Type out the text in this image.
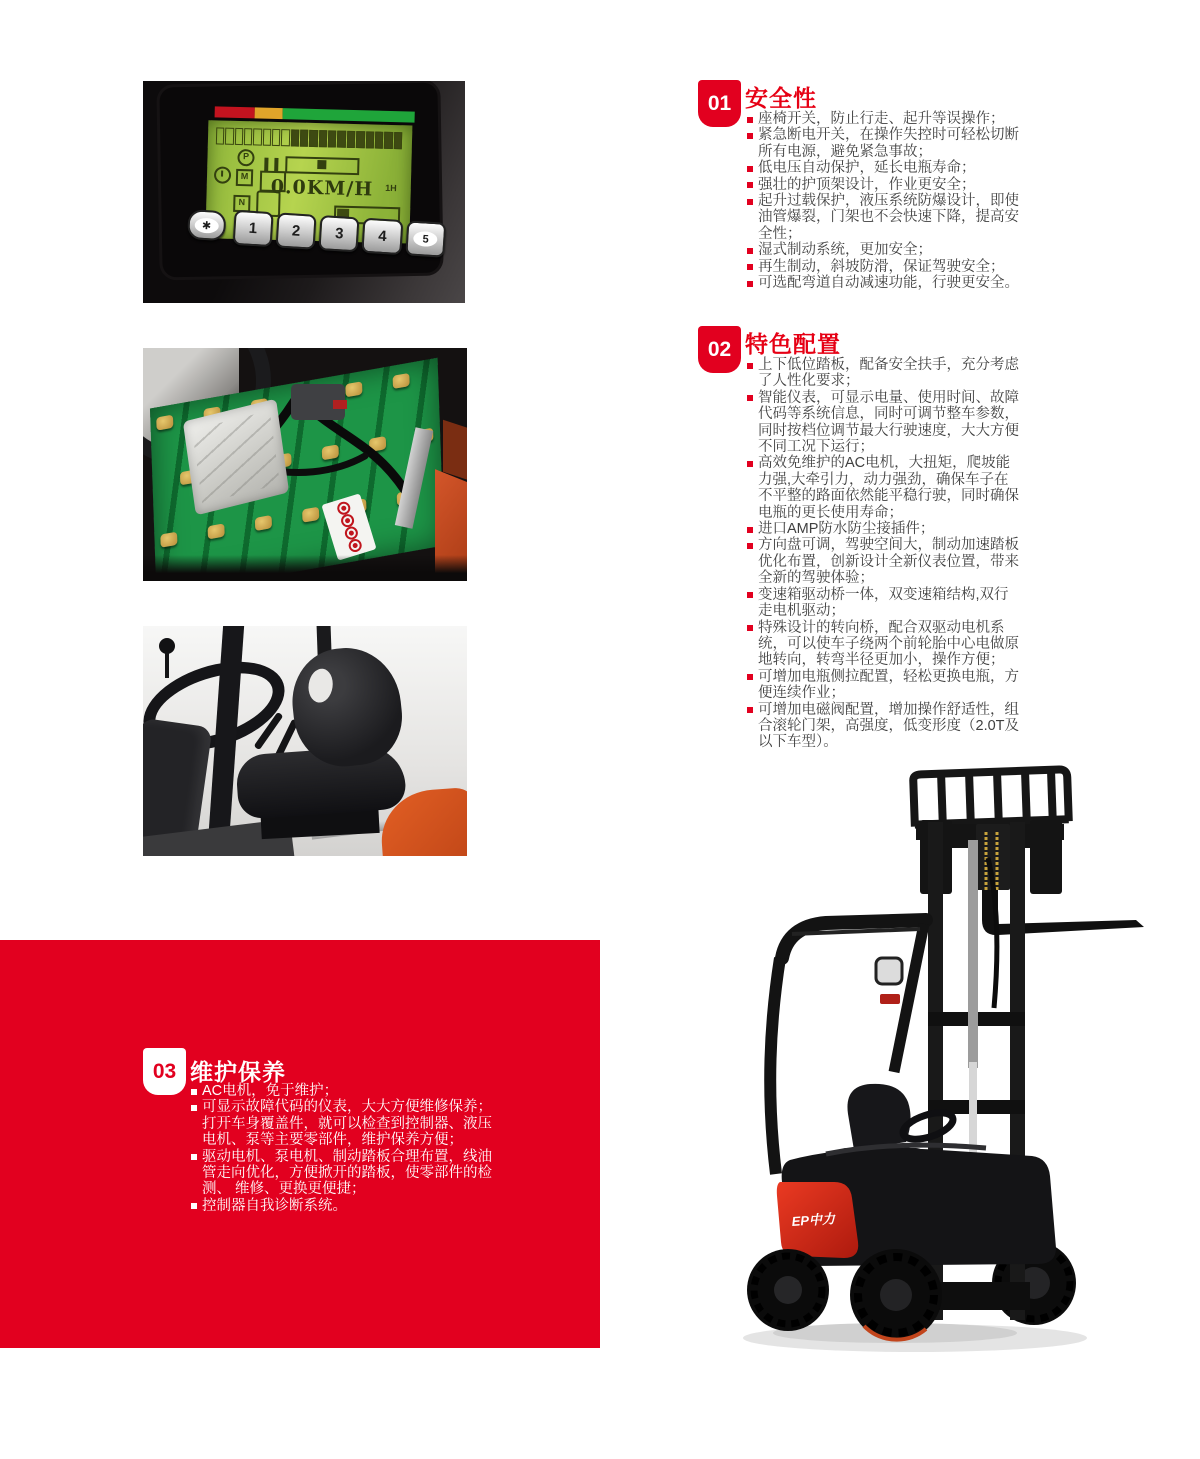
P
M
N
0.0KM/H 1H
✱	1	2	3	4	5
01 安全性
座椅开关，防止行走、起升等误操作；
紧急断电开关，在操作失控时可轻松切断所有电源，避免紧急事故；
低电压自动保护，延长电瓶寿命；
强壮的护顶架设计，作业更安全；
起升过载保护，液压系统防爆设计，即使油管爆裂，门架也不会快速下降，提高安全性；
湿式制动系统，更加安全；
再生制动，斜坡防滑，保证驾驶安全；
可选配弯道自动减速功能，行驶更安全。
02 特色配置
上下低位踏板，配备安全扶手，充分考虑了人性化要求；
智能仪表，可显示电量、使用时间、故障代码等系统信息，同时可调节整车参数，同时按档位调节最大行驶速度，大大方便不同工况下运行；
高效免维护的AC电机，大扭矩，爬坡能力强,大牵引力，动力强劲，确保车子在不平整的路面依然能平稳行驶，同时确保电瓶的更长使用寿命；
进口AMP防水防尘接插件；
方向盘可调，驾驶空间大，制动加速踏板优化布置，创新设计全新仪表位置，带来全新的驾驶体验；
变速箱驱动桥一体，双变速箱结构,双行走电机驱动；
特殊设计的转向桥，配合双驱动电机系统，可以使车子绕两个前轮胎中心电做原地转向，转弯半径更加小，操作方便；
可增加电瓶侧拉配置，轻松更换电瓶，方便连续作业；
可增加电磁阀配置，增加操作舒适性，组合滚轮门架，高强度，低变形度（2.0T及以下车型）。
03 维护保养
AC电机，免于维护；
可显示故障代码的仪表，大大方便维修保养；打开车身覆盖件，就可以检查到控制器、液压电机、泵等主要零部件，维护保养方便；
驱动电机、泵电机、制动踏板合理布置，线油管走向优化，方便掀开的踏板，使零部件的检测、 维修、更换更便捷；
控制器自我诊断系统。
EP中力
